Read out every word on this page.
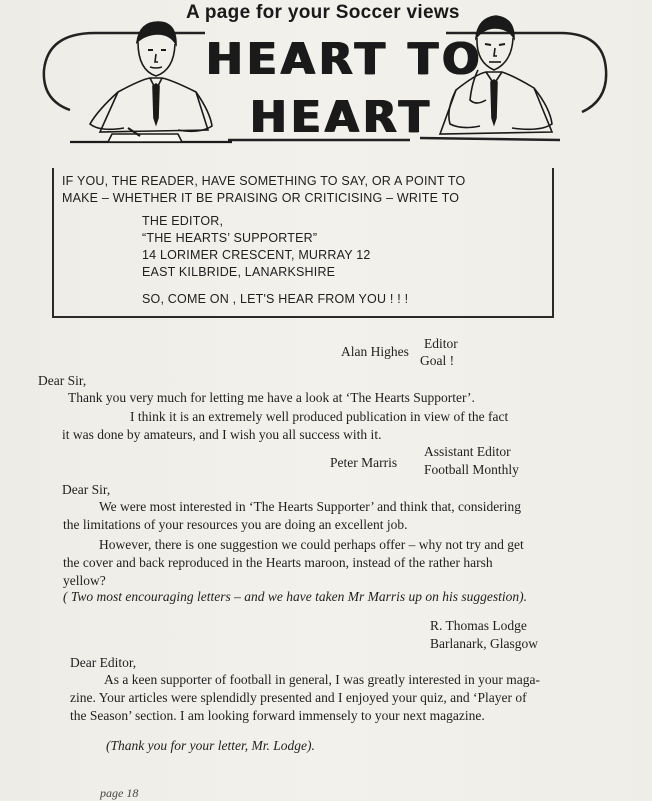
A page for your Soccer views
HEART TO
HEART
IF YOU, THE READER, HAVE SOMETHING TO SAY, OR A POINT TO
MAKE – WHETHER IT BE PRAISING OR CRITICISING – WRITE TO
THE EDITOR,
“THE HEARTS’ SUPPORTER”
14 LORIMER CRESCENT, MURRAY 12
EAST KILBRIDE, LANARKSHIRE
SO, COME ON , LET'S HEAR FROM YOU ! ! !
Alan Highes
Editor
Goal !
Dear Sir,
Thank you very much for letting me have a look at ‘The Hearts Supporter’.
I think it is an extremely well produced publication in view of the fact
it was done by amateurs, and I wish you all success with it.
Peter Marris
Assistant Editor
Football Monthly
Dear Sir,
We were most interested in ‘The Hearts Supporter’ and think that, considering
the limitations of your resources you are doing an excellent job.
However, there is one suggestion we could perhaps offer – why not try and get
the cover and back reproduced in the Hearts maroon, instead of the rather harsh
yellow?
( Two most encouraging letters – and we have taken Mr Marris up on his suggestion).
R. Thomas Lodge
Barlanark, Glasgow
Dear Editor,
As a keen supporter of football in general, I was greatly interested in your maga-
zine. Your articles were splendidly presented and I enjoyed your quiz, and ‘Player of
the Season’ section. I am looking forward immensely to your next magazine.
(Thank you for your letter, Mr. Lodge).
page 18
